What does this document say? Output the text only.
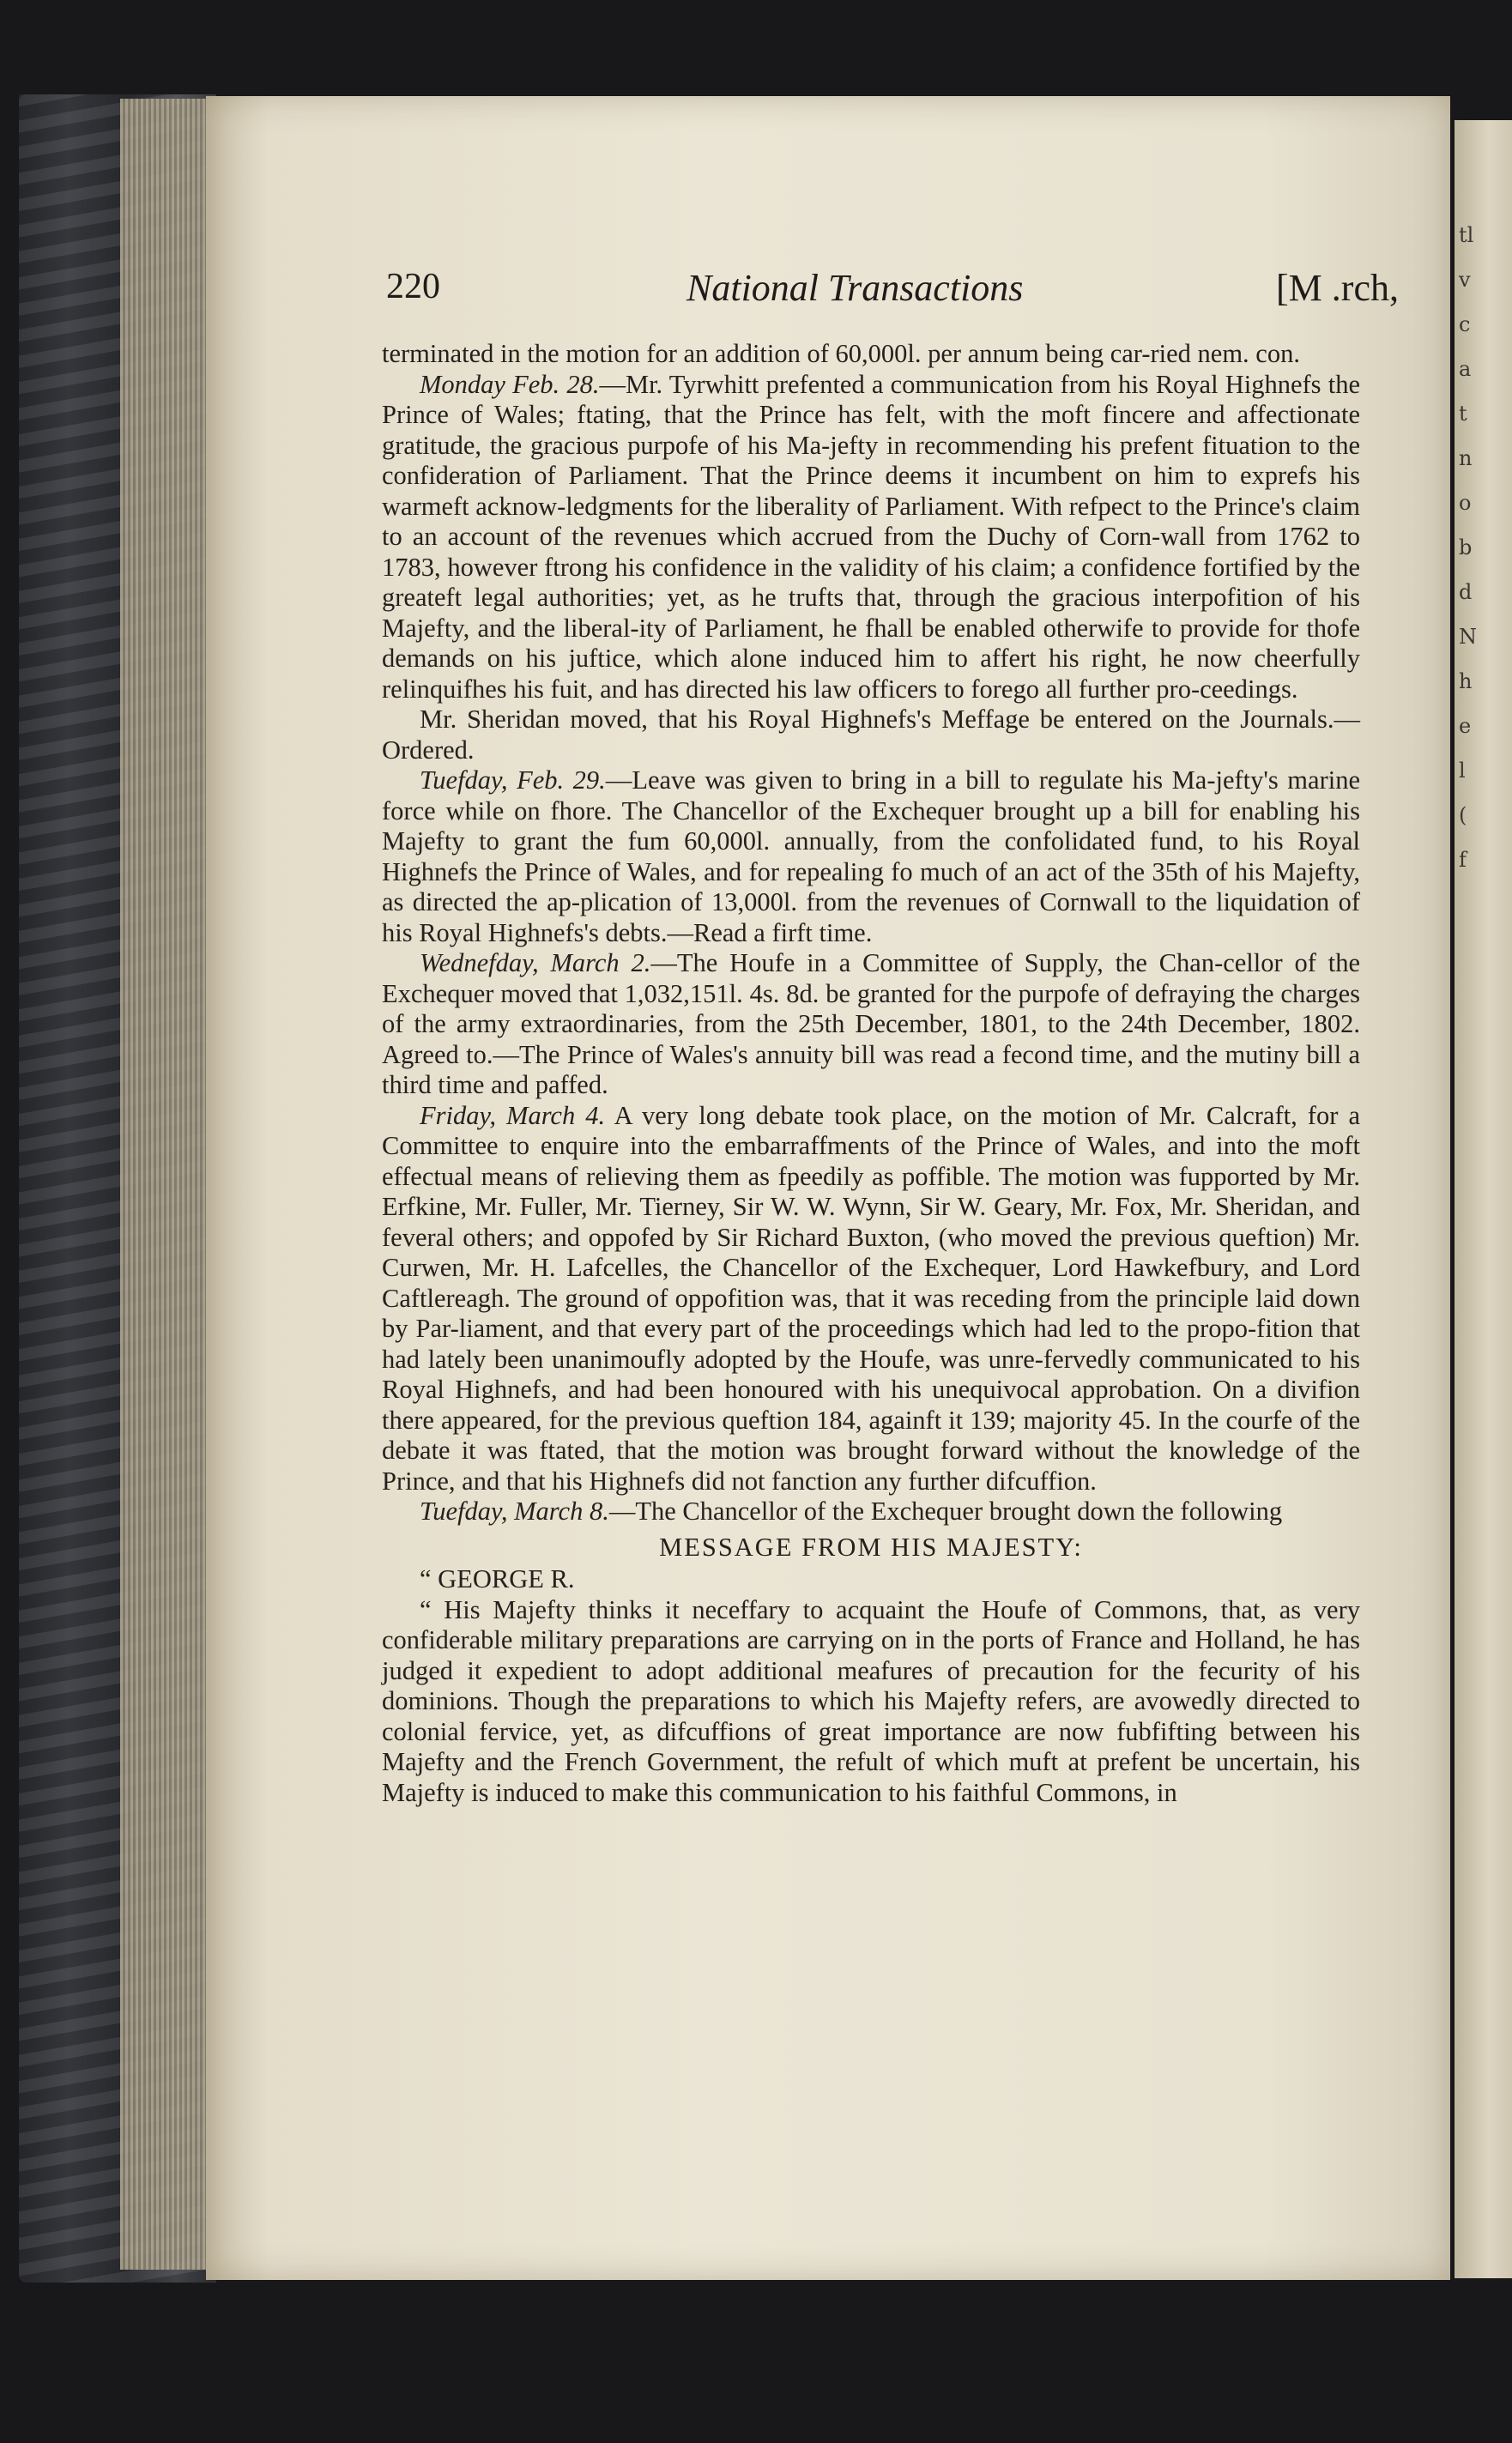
tl
v
c
a
t
n
o
b
d
N
h
e
l
(
f
220	National Transactions	[M .rch,

terminated in the motion for an addition of 60,000l. per annum being car-ried nem. con.

Monday Feb. 28.—Mr. Tyrwhitt prefented a communication from his Royal Highnefs the Prince of Wales; ftating, that the Prince has felt, with the moft fincere and affectionate gratitude, the gracious purpofe of his Ma-jefty in recommending his prefent fituation to the confideration of Parliament. That the Prince deems it incumbent on him to exprefs his warmeft acknow-ledgments for the liberality of Parliament. With refpect to the Prince's claim to an account of the revenues which accrued from the Duchy of Corn-wall from 1762 to 1783, however ftrong his confidence in the validity of his claim; a confidence fortified by the greateft legal authorities; yet, as he trufts that, through the gracious interpofition of his Majefty, and the liberal-ity of Parliament, he fhall be enabled otherwife to provide for thofe demands on his juftice, which alone induced him to affert his right, he now cheerfully relinquifhes his fuit, and has directed his law officers to forego all further pro-ceedings.

Mr. Sheridan moved, that his Royal Highnefs's Meffage be entered on the Journals.—Ordered.

Tuefday, Feb. 29.—Leave was given to bring in a bill to regulate his Ma-jefty's marine force while on fhore. The Chancellor of the Exchequer brought up a bill for enabling his Majefty to grant the fum 60,000l. annually, from the confolidated fund, to his Royal Highnefs the Prince of Wales, and for repealing fo much of an act of the 35th of his Majefty, as directed the ap-plication of 13,000l. from the revenues of Cornwall to the liquidation of his Royal Highnefs's debts.—Read a firft time.

Wednefday, March 2.—The Houfe in a Committee of Supply, the Chan-cellor of the Exchequer moved that 1,032,151l. 4s. 8d. be granted for the purpofe of defraying the charges of the army extraordinaries, from the 25th December, 1801, to the 24th December, 1802. Agreed to.—The Prince of Wales's annuity bill was read a fecond time, and the mutiny bill a third time and paffed.

Friday, March 4. A very long debate took place, on the motion of Mr. Calcraft, for a Committee to enquire into the embarraffments of the Prince of Wales, and into the moft effectual means of relieving them as fpeedily as poffible. The motion was fupported by Mr. Erfkine, Mr. Fuller, Mr. Tierney, Sir W. W. Wynn, Sir W. Geary, Mr. Fox, Mr. Sheridan, and feveral others; and oppofed by Sir Richard Buxton, (who moved the previous queftion) Mr. Curwen, Mr. H. Lafcelles, the Chancellor of the Exchequer, Lord Hawkefbury, and Lord Caftlereagh. The ground of oppofition was, that it was receding from the principle laid down by Par-liament, and that every part of the proceedings which had led to the propo-fition that had lately been unanimoufly adopted by the Houfe, was unre-fervedly communicated to his Royal Highnefs, and had been honoured with his unequivocal approbation. On a divifion there appeared, for the previous queftion 184, againft it 139; majority 45. In the courfe of the debate it was ftated, that the motion was brought forward without the knowledge of the Prince, and that his Highnefs did not fanction any further difcuffion.

Tuefday, March 8.—The Chancellor of the Exchequer brought down the following

MESSAGE FROM HIS MAJESTY:

“ GEORGE R.

“ His Majefty thinks it neceffary to acquaint the Houfe of Commons, that, as very confiderable military preparations are carrying on in the ports of France and Holland, he has judged it expedient to adopt additional meafures of precaution for the fecurity of his dominions. Though the preparations to which his Majefty refers, are avowedly directed to colonial fervice, yet, as difcuffions of great importance are now fubfifting between his Majefty and the French Government, the refult of which muft at prefent be uncertain, his Majefty is induced to make this communication to his faithful Commons, in
